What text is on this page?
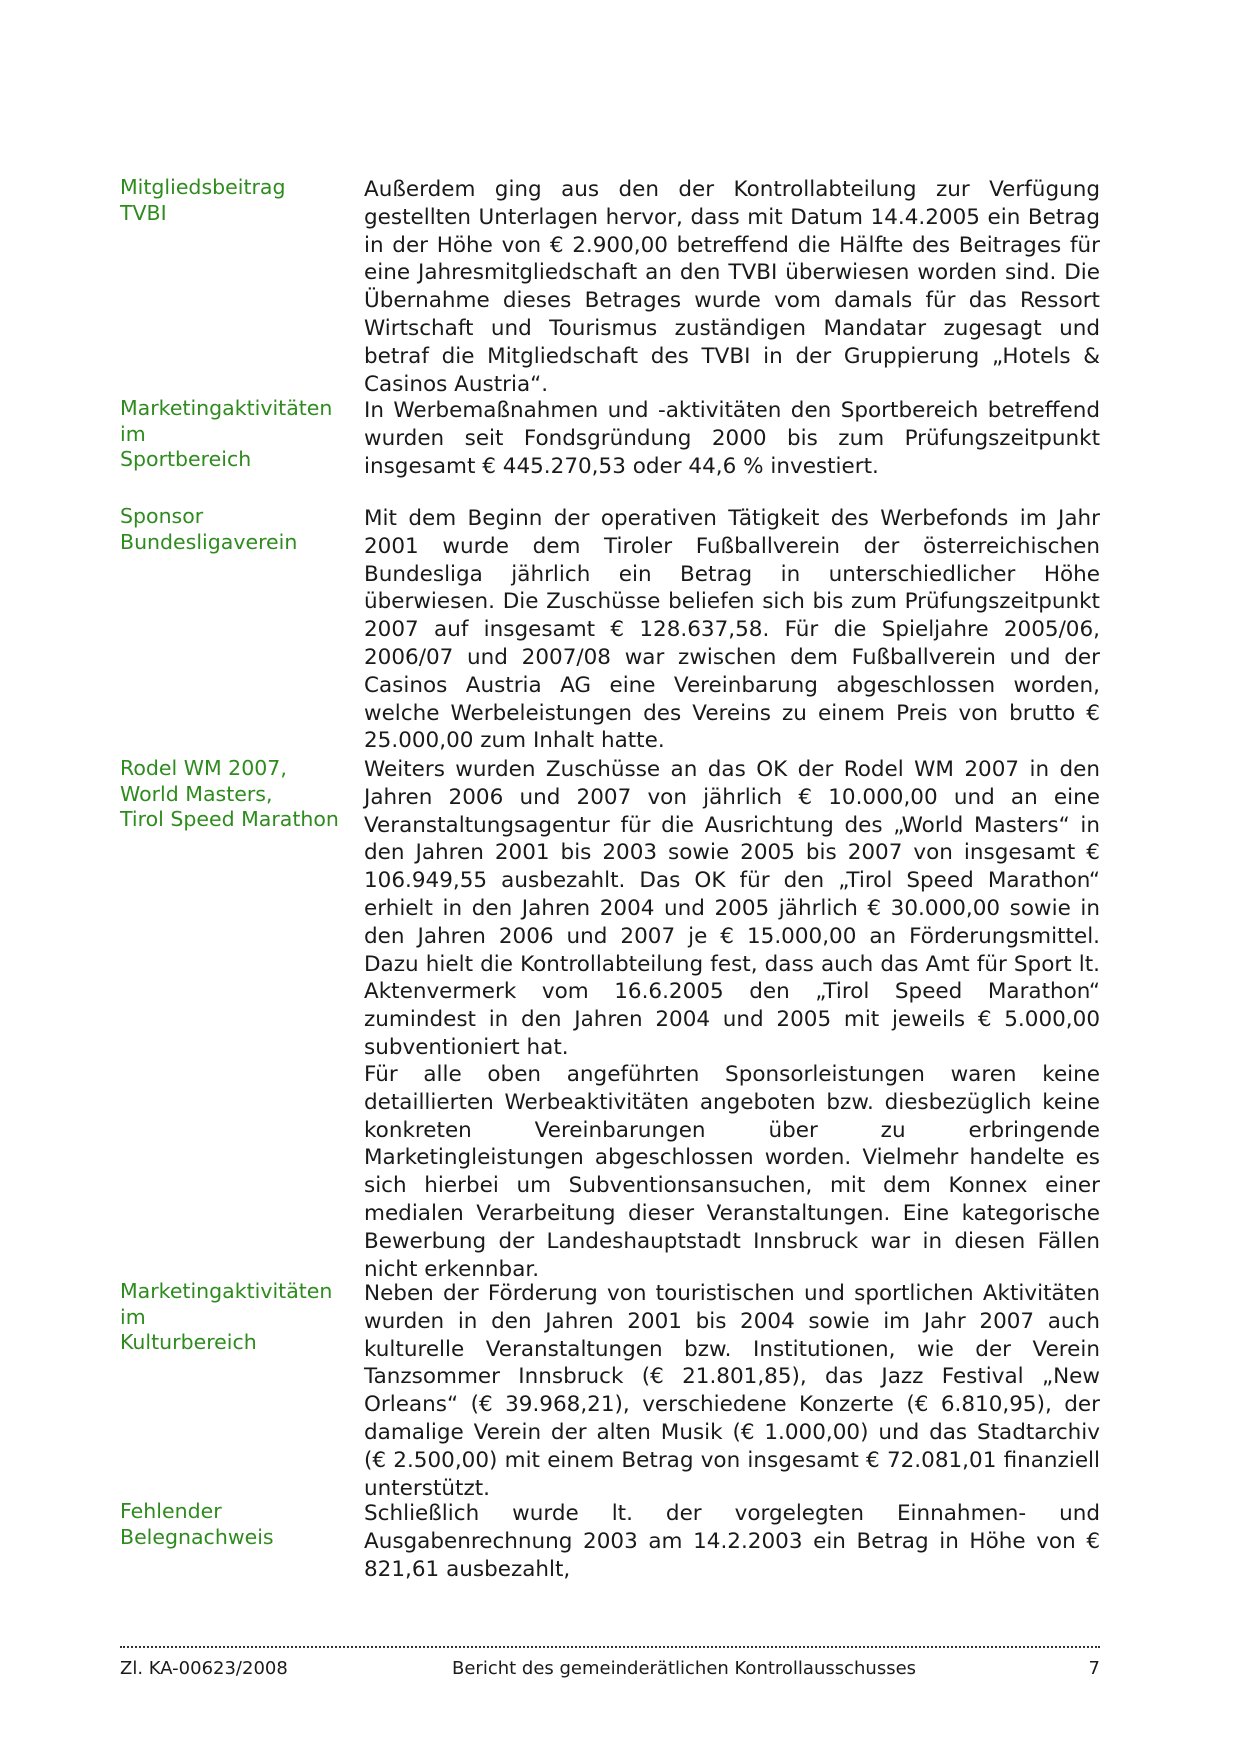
Mitgliedsbeitrag
TVBI

Außerdem ging aus den der Kontrollabteilung zur Verfügung gestellten Unterlagen hervor, dass mit Datum 14.4.2005 ein Betrag in der Höhe von € 2.900,00 betreffend die Hälfte des Beitrages für eine Jahresmitgliedschaft an den TVBI überwiesen worden sind. Die Übernahme dieses Betrages wurde vom damals für das Ressort Wirtschaft und Tourismus zuständigen Mandatar zugesagt und betraf die Mitgliedschaft des TVBI in der Gruppierung „Hotels & Casinos Austria“.

Marketingaktivitäten im
Sportbereich

In Werbemaßnahmen und -aktivitäten den Sportbereich betreffend wurden seit Fondsgründung 2000 bis zum Prüfungszeitpunkt insgesamt € 445.270,53 oder 44,6 % investiert.

Sponsor
Bundesligaverein

Mit dem Beginn der operativen Tätigkeit des Werbefonds im Jahr 2001 wurde dem Tiroler Fußballverein der österreichischen Bundesliga jährlich ein Betrag in unterschiedlicher Höhe überwiesen. Die Zuschüsse beliefen sich bis zum Prüfungszeitpunkt 2007 auf insgesamt € 128.637,58. Für die Spieljahre 2005/06, 2006/07 und 2007/08 war zwischen dem Fußballverein und der Casinos Austria AG eine Vereinbarung abgeschlossen worden, welche Werbeleistungen des Vereins zu einem Preis von brutto € 25.000,00 zum Inhalt hatte.

Rodel WM 2007,
World Masters,
Tirol Speed Marathon

Weiters wurden Zuschüsse an das OK der Rodel WM 2007 in den Jahren 2006 und 2007 von jährlich € 10.000,00 und an eine Veranstaltungsagentur für die Ausrichtung des „World Masters“ in den Jahren 2001 bis 2003 sowie 2005 bis 2007 von insgesamt € 106.949,55 ausbezahlt. Das OK für den „Tirol Speed Marathon“ erhielt in den Jahren 2004 und 2005 jährlich € 30.000,00 sowie in den Jahren 2006 und 2007 je € 15.000,00 an Förderungsmittel. Dazu hielt die Kontrollabteilung fest, dass auch das Amt für Sport lt. Aktenvermerk vom 16.6.2005 den „Tirol Speed Marathon“ zumindest in den Jahren 2004 und 2005 mit jeweils € 5.000,00 subventioniert hat.

Für alle oben angeführten Sponsorleistungen waren keine detaillierten Werbeaktivitäten angeboten bzw. diesbezüglich keine konkreten Vereinbarungen über zu erbringende Marketingleistungen abgeschlossen worden. Vielmehr handelte es sich hierbei um Subventionsansuchen, mit dem Konnex einer medialen Verarbeitung dieser Veranstaltungen. Eine kategorische Bewerbung der Landeshauptstadt Innsbruck war in diesen Fällen nicht erkennbar.

Marketingaktivitäten im
Kulturbereich

Neben der Förderung von touristischen und sportlichen Aktivitäten wurden in den Jahren 2001 bis 2004 sowie im Jahr 2007 auch kulturelle Veranstaltungen bzw. Institutionen, wie der Verein Tanzsommer Innsbruck (€ 21.801,85), das Jazz Festival „New Orleans“ (€ 39.968,21), verschiedene Konzerte (€ 6.810,95), der damalige Verein der alten Musik (€ 1.000,00) und das Stadtarchiv (€ 2.500,00) mit einem Betrag von insgesamt € 72.081,01 finanziell unterstützt.

Fehlender
Belegnachweis

Schließlich wurde lt. der vorgelegten Einnahmen- und Ausgabenrechnung 2003 am 14.2.2003 ein Betrag in Höhe von € 821,61 ausbezahlt,

Zl. KA-00623/2008	Bericht des gemeinderätlichen Kontrollausschusses	7
